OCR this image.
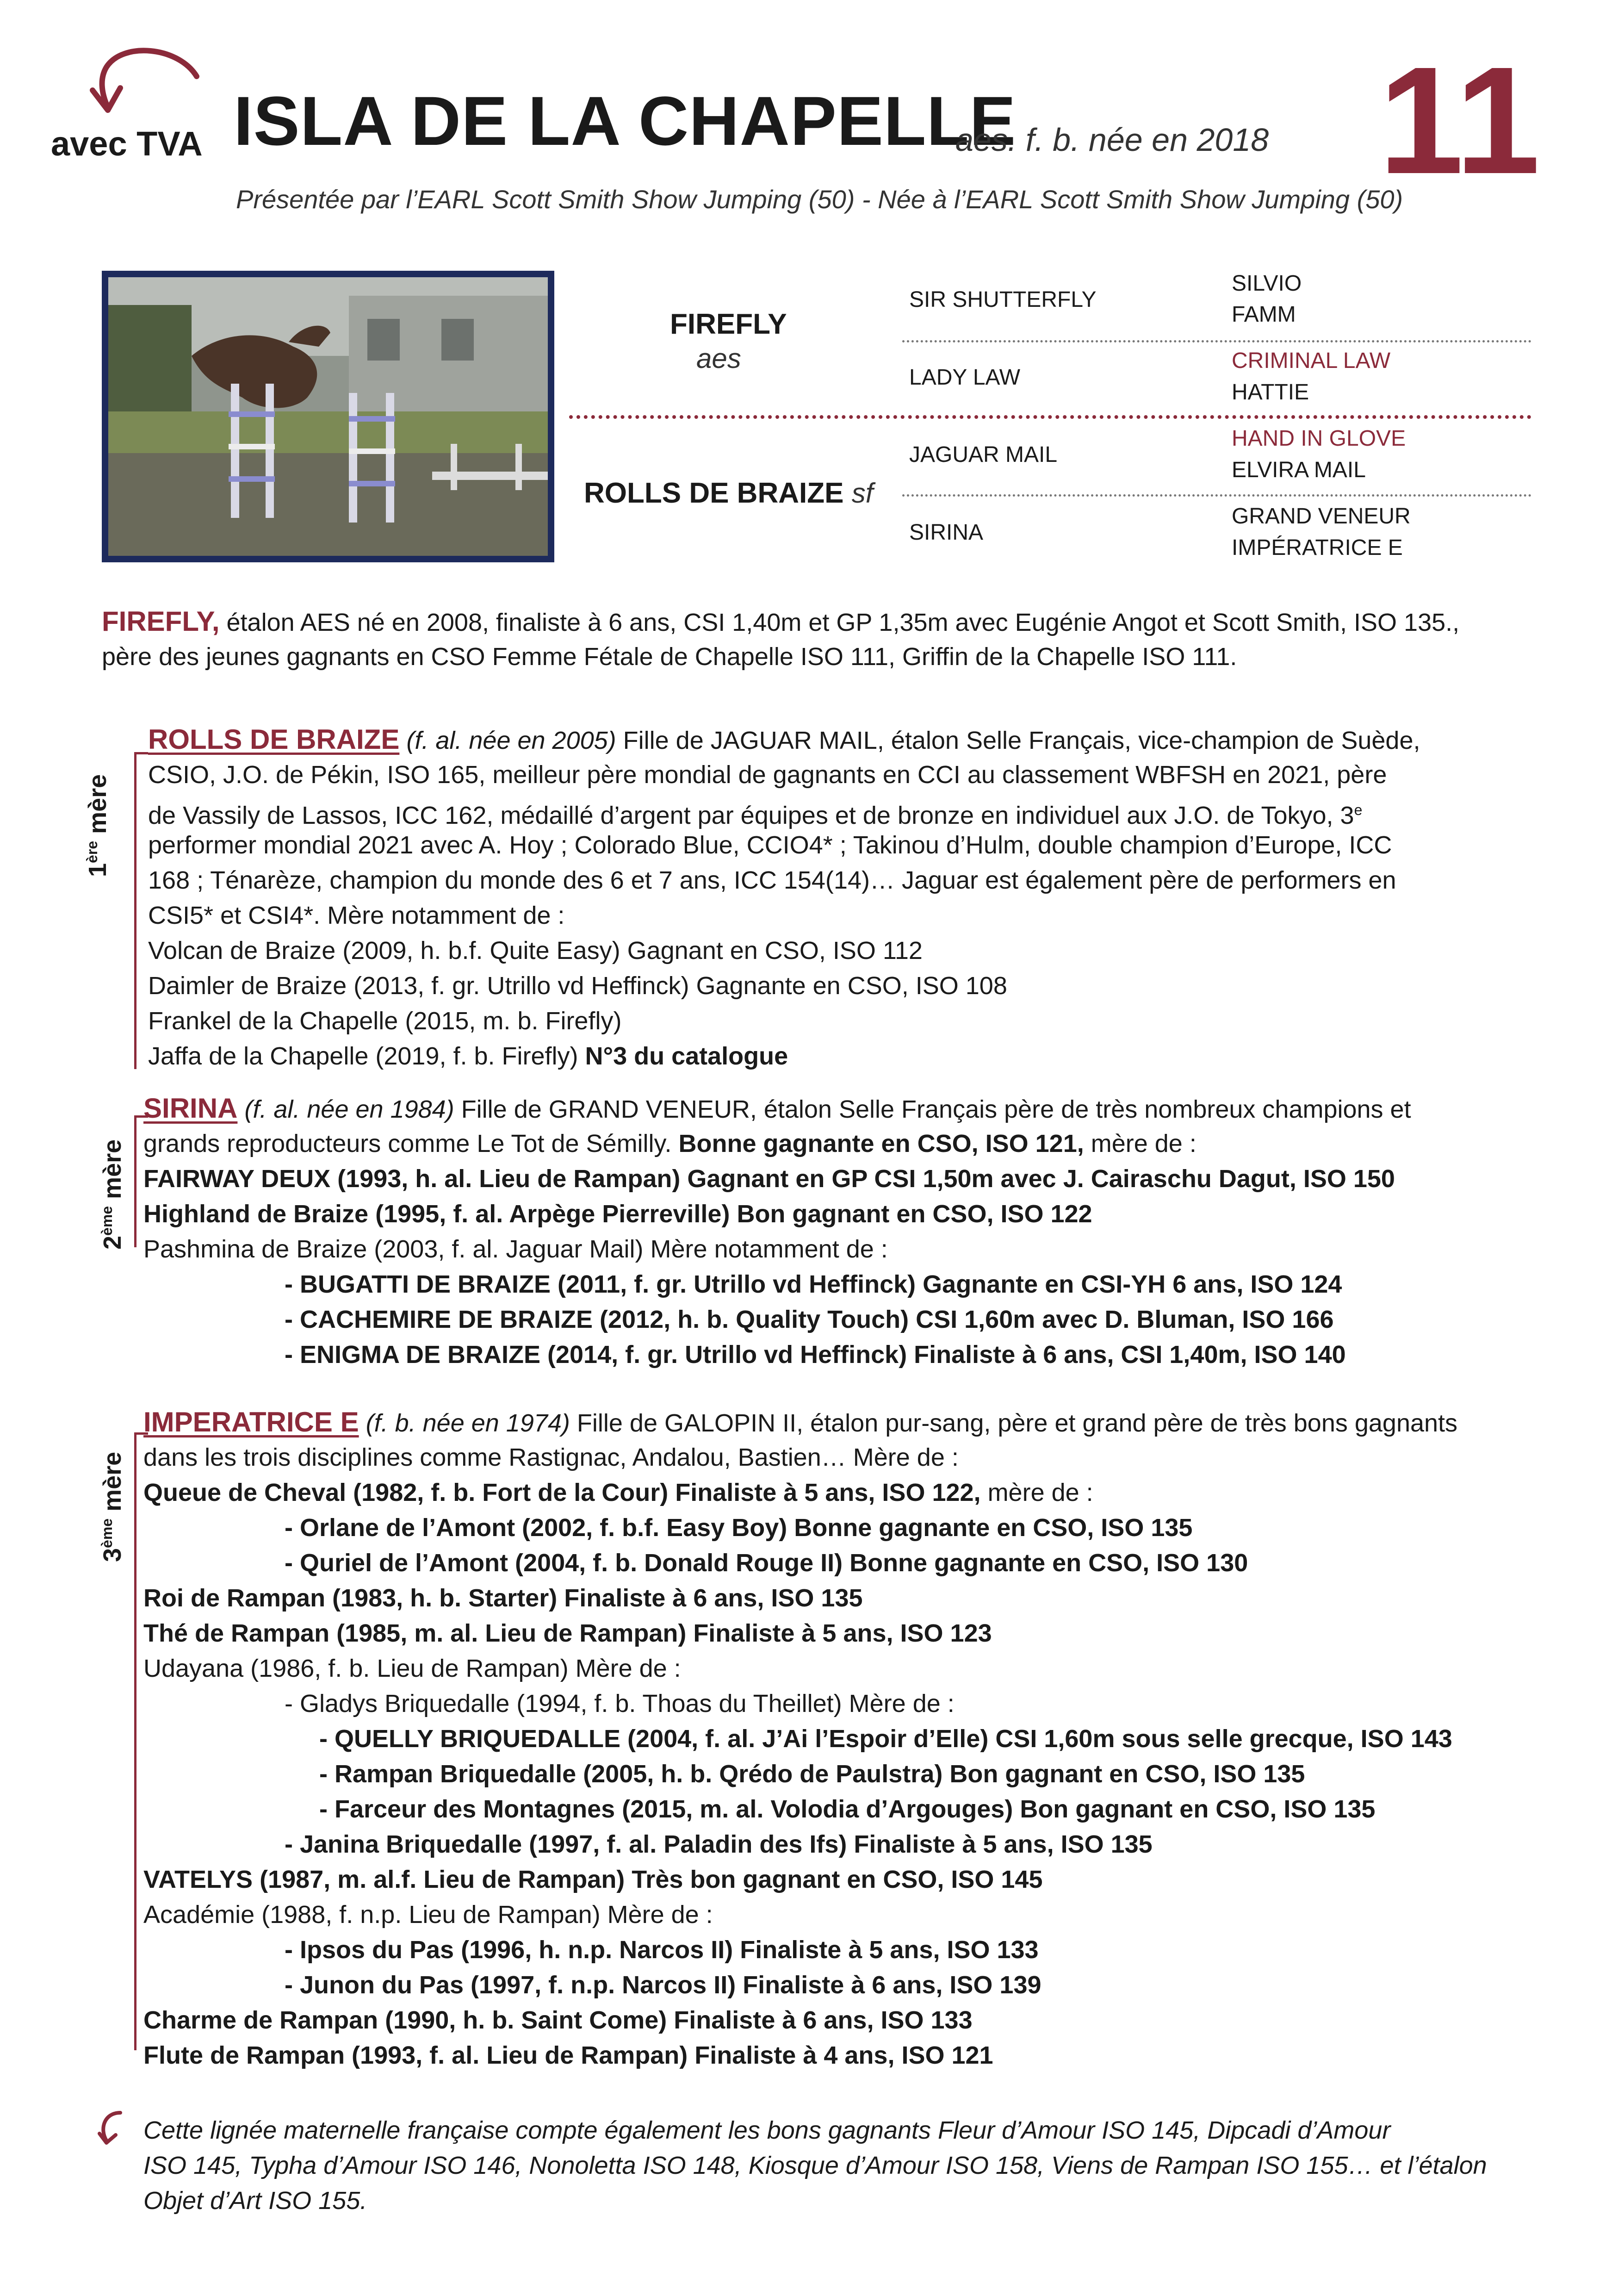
avec TVA ISLA DE LA CHAPELLE
aes. f. b. née en 2018 11
Présentée par l’EARL Scott Smith Show Jumping (50) - Née à l’EARL Scott Smith Show Jumping (50)
FIREFLY
aes
ROLLS DE BRAIZE sf
SIR SHUTTERFLY
LADY LAW
JAGUAR MAIL
SIRINA
SILVIO
FAMM
CRIMINAL LAW
HATTIE
HAND IN GLOVE
ELVIRA MAIL
GRAND VENEUR
IMPÉRATRICE E
FIREFLY, étalon AES né en 2008, finaliste à 6 ans, CSI 1,40m et GP 1,35m avec Eugénie Angot et Scott Smith, ISO 135.,
père des jeunes gagnants en CSO Femme Fétale de Chapelle ISO 111, Griffin de la Chapelle ISO 111.
1ère mère
ROLLS DE BRAIZE (f. al. née en 2005) Fille de JAGUAR MAIL, étalon Selle Français, vice-champion de Suède,
CSIO, J.O. de Pékin, ISO 165, meilleur père mondial de gagnants en CCI au classement WBFSH en 2021, père
de Vassily de Lassos, ICC 162, médaillé d’argent par équipes et de bronze en individuel aux J.O. de Tokyo, 3e
performer mondial 2021 avec A. Hoy ; Colorado Blue, CCIO4* ; Takinou d’Hulm, double champion d’Europe, ICC
168 ; Ténarèze, champion du monde des 6 et 7 ans, ICC 154(14)… Jaguar est également père de performers en
CSI5* et CSI4*. Mère notamment de :
Volcan de Braize (2009, h. b.f. Quite Easy) Gagnant en CSO, ISO 112
Daimler de Braize (2013, f. gr. Utrillo vd Heffinck) Gagnante en CSO, ISO 108
Frankel de la Chapelle (2015, m. b. Firefly)
Jaffa de la Chapelle (2019, f. b. Firefly) N°3 du catalogue
2ème mère
SIRINA (f. al. née en 1984) Fille de GRAND VENEUR, étalon Selle Français père de très nombreux champions et
grands reproducteurs comme Le Tot de Sémilly. Bonne gagnante en CSO, ISO 121, mère de :
FAIRWAY DEUX (1993, h. al. Lieu de Rampan) Gagnant en GP CSI 1,50m avec J. Cairaschu Dagut, ISO 150
Highland de Braize (1995, f. al. Arpège Pierreville) Bon gagnant en CSO, ISO 122
Pashmina de Braize (2003, f. al. Jaguar Mail) Mère notamment de :
- BUGATTI DE BRAIZE (2011, f. gr. Utrillo vd Heffinck) Gagnante en CSI-YH 6 ans, ISO 124
- CACHEMIRE DE BRAIZE (2012, h. b. Quality Touch) CSI 1,60m avec D. Bluman, ISO 166
- ENIGMA DE BRAIZE (2014, f. gr. Utrillo vd Heffinck) Finaliste à 6 ans, CSI 1,40m, ISO 140
3ème mère
IMPERATRICE E (f. b. née en 1974) Fille de GALOPIN II, étalon pur-sang, père et grand père de très bons gagnants
dans les trois disciplines comme Rastignac, Andalou, Bastien… Mère de :
Queue de Cheval (1982, f. b. Fort de la Cour) Finaliste à 5 ans, ISO 122, mère de :
- Orlane de l’Amont (2002, f. b.f. Easy Boy) Bonne gagnante en CSO, ISO 135
- Quriel de l’Amont (2004, f. b. Donald Rouge II) Bonne gagnante en CSO, ISO 130
Roi de Rampan (1983, h. b. Starter) Finaliste à 6 ans, ISO 135
Thé de Rampan (1985, m. al. Lieu de Rampan) Finaliste à 5 ans, ISO 123
Udayana (1986, f. b. Lieu de Rampan) Mère de :
- Gladys Briquedalle (1994, f. b. Thoas du Theillet) Mère de :
- QUELLY BRIQUEDALLE (2004, f. al. J’Ai l’Espoir d’Elle) CSI 1,60m sous selle grecque, ISO 143
- Rampan Briquedalle (2005, h. b. Qrédo de Paulstra) Bon gagnant en CSO, ISO 135
- Farceur des Montagnes (2015, m. al. Volodia d’Argouges) Bon gagnant en CSO, ISO 135
- Janina Briquedalle (1997, f. al. Paladin des Ifs) Finaliste à 5 ans, ISO 135
VATELYS (1987, m. al.f. Lieu de Rampan) Très bon gagnant en CSO, ISO 145
Académie (1988, f. n.p. Lieu de Rampan) Mère de :
- Ipsos du Pas (1996, h. n.p. Narcos II) Finaliste à 5 ans, ISO 133
- Junon du Pas (1997, f. n.p. Narcos II) Finaliste à 6 ans, ISO 139
Charme de Rampan (1990, h. b. Saint Come) Finaliste à 6 ans, ISO 133
Flute de Rampan (1993, f. al. Lieu de Rampan) Finaliste à 4 ans, ISO 121
Cette lignée maternelle française compte également les bons gagnants Fleur d’Amour ISO 145, Dipcadi d’Amour
ISO 145, Typha d’Amour ISO 146, Nonoletta ISO 148, Kiosque d’Amour ISO 158, Viens de Rampan ISO 155… et l’étalon
Objet d’Art ISO 155.
